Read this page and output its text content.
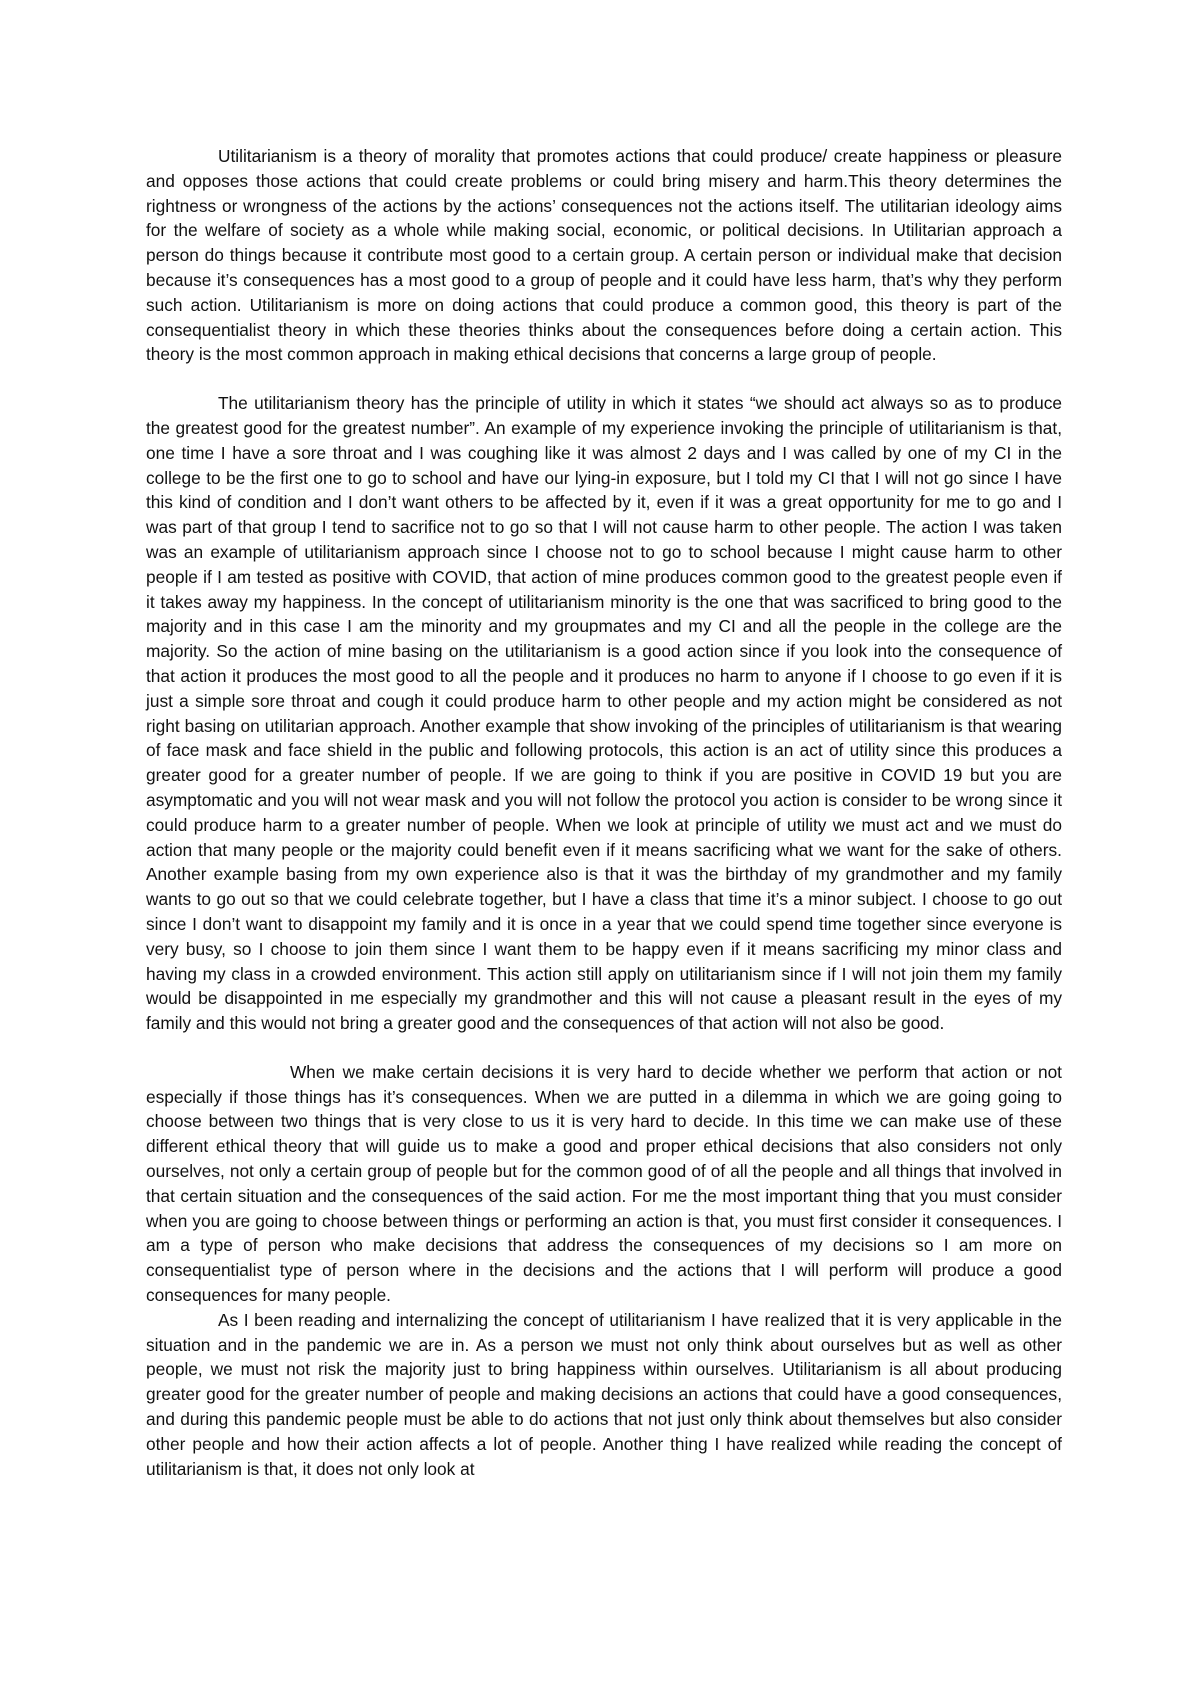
Utilitarianism is a theory of morality that promotes actions that could produce/ create happiness or pleasure and opposes those actions that could create problems or could bring misery and harm.This theory determines the rightness or wrongness of the actions by the actions’ consequences not the actions itself. The utilitarian ideology aims for the welfare of society as a whole while making social, economic, or political decisions. In Utilitarian approach a person do things because it contribute most good to a certain group. A certain person or individual make that decision because it’s consequences has a most good to a group of people and it could have less harm, that’s why they perform such action. Utilitarianism is more on doing actions that could produce a common good, this theory is part of the consequentialist theory in which these theories thinks about the consequences before doing a certain action. This theory is the most common approach in making ethical decisions that concerns a large group of people.

The utilitarianism theory has the principle of utility in which it states “we should act always so as to produce the greatest good for the greatest number”. An example of my experience invoking the principle of utilitarianism is that, one time I have a sore throat and I was coughing like it was almost 2 days and I was called by one of my CI in the college to be the first one to go to school and have our lying-in exposure, but I told my CI that I will not go since I have this kind of condition and I don’t want others to be affected by it, even if it was a great opportunity for me to go and I was part of that group I tend to sacrifice not to go so that I will not cause harm to other people. The action I was taken was an example of utilitarianism approach since I choose not to go to school because I might cause harm to other people if I am tested as positive with COVID, that action of mine produces common good to the greatest people even if it takes away my happiness. In the concept of utilitarianism minority is the one that was sacrificed to bring good to the majority and in this case I am the minority and my groupmates and my CI and all the people in the college are the majority. So the action of mine basing on the utilitarianism is a good action since if you look into the consequence of that action it produces the most good to all the people and it produces no harm to anyone if I choose to go even if it is just a simple sore throat and cough it could produce harm to other people and my action might be considered as not right basing on utilitarian approach. Another example that show invoking of the principles of utilitarianism is that wearing of face mask and face shield in the public and following protocols, this action is an act of utility since this produces a greater good for a greater number of people. If we are going to think if you are positive in COVID 19 but you are asymptomatic and you will not wear mask and you will not follow the protocol you action is consider to be wrong since it could produce harm to a greater number of people. When we look at principle of utility we must act and we must do action that many people or the majority could benefit even if it means sacrificing what we want for the sake of others. Another example basing from my own experience also is that it was the birthday of my grandmother and my family wants to go out so that we could celebrate together, but I have a class that time it’s a minor subject. I choose to go out since I don’t want to disappoint my family and it is once in a year that we could spend time together since everyone is very busy, so I choose to join them since I want them to be happy even if it means sacrificing my minor class and having my class in a crowded environment. This action still apply on utilitarianism since if I will not join them my family would be disappointed in me especially my grandmother and this will not cause a pleasant result in the eyes of my family and this would not bring a greater good and the consequences of that action will not also be good.

When we make certain decisions it is very hard to decide whether we perform that action or not especially if those things has it’s consequences. When we are putted in a dilemma in which we are going going to choose between two things that is very close to us it is very hard to decide. In this time we can make use of these different ethical theory that will guide us to make a good and proper ethical decisions that also considers not only ourselves, not only a certain group of people but for the common good of of all the people and all things that involved in that certain situation and the consequences of the said action. For me the most important thing that you must consider when you are going to choose between things or performing an action is that, you must first consider it consequences. I am a type of person who make decisions that address the consequences of my decisions so I am more on consequentialist type of person where in the decisions and the actions that I will perform will produce a good consequences for many people.

As I been reading and internalizing the concept of utilitarianism I have realized that it is very applicable in the situation and in the pandemic we are in. As a person we must not only think about ourselves but as well as other people, we must not risk the majority just to bring happiness within ourselves. Utilitarianism is all about producing greater good for the greater number of people and making decisions an actions that could have a good consequences, and during this pandemic people must be able to do actions that not just only think about themselves but also consider other people and how their action affects a lot of people. Another thing I have realized while reading the concept of utilitarianism is that, it does not only look at
